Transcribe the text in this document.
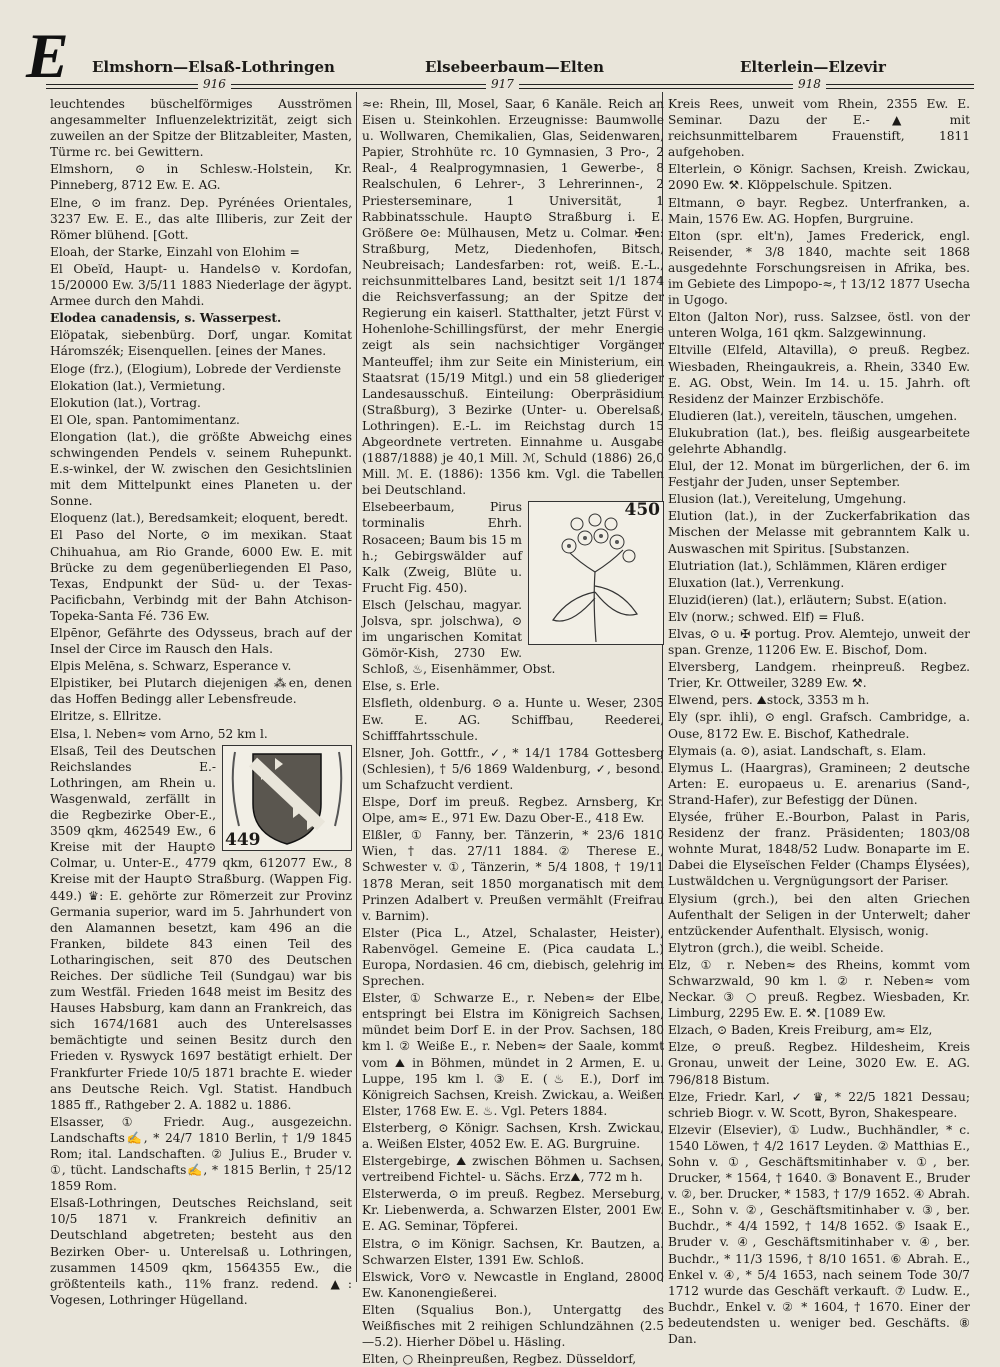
E Elmshorn—Elsaß-Lothringen	Elsebeerbaum—Elten	Elterlein—Elzevir
916	917	918

leuchtendes büschelförmiges Ausströmen angesammelter Influenzelektrizität, zeigt sich zuweilen an der Spitze der Blitzableiter, Masten, Türme rc. bei Gewittern.

Elmshorn, ⊙ in Schlesw.-Holstein, Kr. Pinneberg, 8712 Ew. E. AG.

Elne, ⊙ im franz. Dep. Pyrénées Orientales, 3237 Ew. E. E., das alte Illiberis, zur Zeit der Römer blühend. [Gott.

Eloah, der Starke, Einzahl von Elohim =

El Obeïd, Haupt- u. Handels⊙ v. Kordofan, 15/20000 Ew. 3/5/11 1883 Niederlage der ägypt. Armee durch den Mahdi.

Elodea canadensis, s. Wasserpest.

Elöpatak, siebenbürg. Dorf, ungar. Komitat Háromszék; Eisenquellen. [eines der Manes.

Eloge (frz.), (Elogium), Lobrede der Verdienste

Elokation (lat.), Vermietung.

Elokution (lat.), Vortrag.

El Ole, span. Pantomimentanz.

Elongation (lat.), die größte Abweichg eines schwingenden Pendels v. seinem Ruhepunkt. E.s-winkel, der W. zwischen den Gesichtslinien mit dem Mittelpunkt eines Planeten u. der Sonne.

Eloquenz (lat.), Beredsamkeit; eloquent, beredt.

El Paso del Norte, ⊙ im mexikan. Staat Chihuahua, am Rio Grande, 6000 Ew. E. mit Brücke zu dem gegenüberliegenden El Paso, Texas, Endpunkt der Süd- u. der Texas-Pacificbahn, Verbindg mit der Bahn Atchison-Topeka-Santa Fé. 736 Ew.

Elpēnor, Gefährte des Odysseus, brach auf der Insel der Circe im Rausch den Hals.

Elpis Melēna, s. Schwarz, Esperance v.

Elpistiker, bei Plutarch diejenigen ⁂en, denen das Hoffen Bedingg aller Lebensfreude.

Elritze, s. Ellritze.

Elsa, l. Neben≈ vom Arno, 52 km l.

449

Elsaß, Teil des Deutschen Reichslandes E.-Lothringen, am Rhein u. Wasgenwald, zerfällt in die Regbezirke Ober-E., 3509 qkm, 462549 Ew., 6 Kreise mit der Haupt⊙ Colmar, u. Unter-E., 4779 qkm, 612077 Ew., 8 Kreise mit der Haupt⊙ Straßburg. (Wappen Fig. 449.) ♛: E. gehörte zur Römerzeit zur Provinz Germania superior, ward im 5. Jahrhundert von den Alamannen besetzt, kam 496 an die Franken, bildete 843 einen Teil des Lotharingischen, seit 870 des Deutschen Reiches. Der südliche Teil (Sundgau) war bis zum Westfäl. Frieden 1648 meist im Besitz des Hauses Habsburg, kam dann an Frankreich, das sich 1674/1681 auch des Unterelsasses bemächtigte und seinen Besitz durch den Frieden v. Ryswyck 1697 bestätigt erhielt. Der Frankfurter Friede 10/5 1871 brachte E. wieder ans Deutsche Reich. Vgl. Statist. Handbuch 1885 ff., Rathgeber 2. A. 1882 u. 1886.

Elsasser, ① Friedr. Aug., ausgezeichn. Landschafts✍, * 24/7 1810 Berlin, † 1/9 1845 Rom; ital. Landschaften. ② Julius E., Bruder v. ①, tücht. Landschafts✍, * 1815 Berlin, † 25/12 1859 Rom.

Elsaß-Lothringen, Deutsches Reichsland, seit 10/5 1871 v. Frankreich definitiv an Deutschland abgetreten; besteht aus den Bezirken Ober- u. Unterelsaß u. Lothringen, zusammen 14509 qkm, 1564355 Ew., die größtenteils kath., 11% franz. redend. ▲: Vogesen, Lothringer Hügelland.

≈e: Rhein, Ill, Mosel, Saar, 6 Kanäle. Reich an Eisen u. Steinkohlen. Erzeugnisse: Baumwolle u. Wollwaren, Chemikalien, Glas, Seidenwaren, Papier, Strohhüte rc. 10 Gymnasien, 3 Pro-, 2 Real-, 4 Realprogymnasien, 1 Gewerbe-, 8 Realschulen, 6 Lehrer-, 3 Lehrerinnen-, 2 Priesterseminare, 1 Universität, 1 Rabbinatsschule. Haupt⊙ Straßburg i. E. Größere ⊙e: Mülhausen, Metz u. Colmar. ✠en: Straßburg, Metz, Diedenhofen, Bitsch, Neubreisach; Landesfarben: rot, weiß. E.-L., reichsunmittelbares Land, besitzt seit 1/1 1874 die Reichsverfassung; an der Spitze der Regierung ein kaiserl. Statthalter, jetzt Fürst v. Hohenlohe-Schillingsfürst, der mehr Energie zeigt als sein nachsichtiger Vorgänger Manteuffel; ihm zur Seite ein Ministerium, ein Staatsrat (15/19 Mitgl.) und ein 58 gliederiger Landesausschuß. Einteilung: Oberpräsidium (Straßburg), 3 Bezirke (Unter- u. Oberelsaß, Lothringen). E.-L. im Reichstag durch 15 Abgeordnete vertreten. Einnahme u. Ausgabe (1887/1888) je 40,1 Mill. ℳ, Schuld (1886) 26,0 Mill. ℳ. E. (1886): 1356 km. Vgl. die Tabellen bei Deutschland.

450

Elsebeerbaum, Pirus torminalis Ehrh. Rosaceen; Baum bis 15 m h.; Gebirgswälder auf Kalk (Zweig, Blüte u. Frucht Fig. 450).

Elsch (Jelschau, magyar. Jolsva, spr. jolschwa), ⊙ im ungarischen Komitat Gömör-Kish, 2730 Ew. Schloß, ♨, Eisenhämmer, Obst.

Else, s. Erle.

Elsfleth, oldenburg. ⊙ a. Hunte u. Weser, 2305 Ew. E. AG. Schiffbau, Reederei, Schifffahrtsschule.

Elsner, Joh. Gottfr., ✓, * 14/1 1784 Gottesberg (Schlesien), † 5/6 1869 Waldenburg, ✓, besond. um Schafzucht verdient.

Elspe, Dorf im preuß. Regbez. Arnsberg, Kr. Olpe, am≈ E., 971 Ew. Dazu Ober-E., 418 Ew.

Elßler, ① Fanny, ber. Tänzerin, * 23/6 1810 Wien, † das. 27/11 1884. ② Therese E., Schwester v. ①, Tänzerin, * 5/4 1808, † 19/11 1878 Meran, seit 1850 morganatisch mit dem Prinzen Adalbert v. Preußen vermählt (Freifrau v. Barnim).

Elster (Pica L., Atzel, Schalaster, Heister), Rabenvögel. Gemeine E. (Pica caudata L.) Europa, Nordasien. 46 cm, diebisch, gelehrig im Sprechen.

Elster, ① Schwarze E., r. Neben≈ der Elbe, entspringt bei Elstra im Königreich Sachsen, mündet beim Dorf E. in der Prov. Sachsen, 180 km l. ② Weiße E., r. Neben≈ der Saale, kommt vom ⛰ in Böhmen, mündet in 2 Armen, E. u. Luppe, 195 km l. ③ E. (♨ E.), Dorf im Königreich Sachsen, Kreish. Zwickau, a. Weißen Elster, 1768 Ew. E. ♨. Vgl. Peters 1884.

Elsterberg, ⊙ Königr. Sachsen, Krsh. Zwickau, a. Weißen Elster, 4052 Ew. E. AG. Burgruine.

Elstergebirge, ⛰ zwischen Böhmen u. Sachsen, vertreibend Fichtel- u. Sächs. Erz⛰, 772 m h.

Elsterwerda, ⊙ im preuß. Regbez. Merseburg, Kr. Liebenwerda, a. Schwarzen Elster, 2001 Ew. E. AG. Seminar, Töpferei.

Elstra, ⊙ im Königr. Sachsen, Kr. Bautzen, a. Schwarzen Elster, 1391 Ew. Schloß.

Elswick, Vor⊙ v. Newcastle in England, 28000 Ew. Kanonengießerei.

Elten (Squalius Bon.), Untergattg des Weißfisches mit 2 reihigen Schlundzähnen (2.5—5.2). Hierher Döbel u. Häsling.

Elten, ○ Rheinpreußen, Regbez. Düsseldorf,

Kreis Rees, unweit vom Rhein, 2355 Ew. E. Seminar. Dazu der E.-▲ mit reichsunmittelbarem Frauenstift, 1811 aufgehoben.

Elterlein, ⊙ Königr. Sachsen, Kreish. Zwickau, 2090 Ew. ⚒. Klöppelschule. Spitzen.

Eltmann, ⊙ bayr. Regbez. Unterfranken, a. Main, 1576 Ew. AG. Hopfen, Burgruine.

Elton (spr. elt'n), James Frederick, engl. Reisender, * 3/8 1840, machte seit 1868 ausgedehnte Forschungsreisen in Afrika, bes. im Gebiete des Limpopo-≈, † 13/12 1877 Usecha in Ugogo.

Elton (Jalton Nor), russ. Salzsee, östl. von der unteren Wolga, 161 qkm. Salzgewinnung.

Eltville (Elfeld, Altavilla), ⊙ preuß. Regbez. Wiesbaden, Rheingaukreis, a. Rhein, 3340 Ew. E. AG. Obst, Wein. Im 14. u. 15. Jahrh. oft Residenz der Mainzer Erzbischöfe.

Eludieren (lat.), vereiteln, täuschen, umgehen.

Elukubration (lat.), bes. fleißig ausgearbeitete gelehrte Abhandlg.

Elul, der 12. Monat im bürgerlichen, der 6. im Festjahr der Juden, unser September.

Elusion (lat.), Vereitelung, Umgehung.

Elution (lat.), in der Zuckerfabrikation das Mischen der Melasse mit gebranntem Kalk u. Auswaschen mit Spiritus. [Substanzen.

Elutriation (lat.), Schlämmen, Klären erdiger

Eluxation (lat.), Verrenkung.

Eluzid(ieren) (lat.), erläutern; Subst. E(ation.

Elv (norw.; schwed. Elf) = Fluß.

Elvas, ⊙ u. ✠ portug. Prov. Alemtejo, unweit der span. Grenze, 11206 Ew. E. Bischof, Dom.

Elversberg, Landgem. rheinpreuß. Regbez. Trier, Kr. Ottweiler, 3289 Ew. ⚒.

Elwend, pers. ⛰stock, 3353 m h.

Ely (spr. ihli), ⊙ engl. Grafsch. Cambridge, a. Ouse, 8172 Ew. E. Bischof, Kathedrale.

Elymais (a. ⊙), asiat. Landschaft, s. Elam.

Elymus L. (Haargras), Gramineen; 2 deutsche Arten: E. europaeus u. E. arenarius (Sand-, Strand-Hafer), zur Befestigg der Dünen.

Elysée, früher E.-Bourbon, Palast in Paris, Residenz der franz. Präsidenten; 1803/08 wohnte Murat, 1848/52 Ludw. Bonaparte im E. Dabei die Elyseïschen Felder (Champs Élysées), Lustwäldchen u. Vergnügungsort der Pariser.

Elysium (grch.), bei den alten Griechen Aufenthalt der Seligen in der Unterwelt; daher entzückender Aufenthalt. Elysisch, wonig.

Elytron (grch.), die weibl. Scheide.

Elz, ① r. Neben≈ des Rheins, kommt vom Schwarzwald, 90 km l. ② r. Neben≈ vom Neckar. ③ ○ preuß. Regbez. Wiesbaden, Kr. Limburg, 2295 Ew. E. ⚒. [1089 Ew.

Elzach, ⊙ Baden, Kreis Freiburg, am≈ Elz,

Elze, ⊙ preuß. Regbez. Hildesheim, Kreis Gronau, unweit der Leine, 3020 Ew. E. AG. 796/818 Bistum.

Elze, Friedr. Karl, ✓ ♛, * 22/5 1821 Dessau; schrieb Biogr. v. W. Scott, Byron, Shakespeare.

Elzevir (Elsevier), ① Ludw., Buchhändler, * c. 1540 Löwen, † 4/2 1617 Leyden. ② Matthias E., Sohn v. ①, Geschäftsmitinhaber v. ①, ber. Drucker, * 1564, † 1640. ③ Bonavent E., Bruder v. ②, ber. Drucker, * 1583, † 17/9 1652. ④ Abrah. E., Sohn v. ②, Geschäftsmitinhaber v. ③, ber. Buchdr., * 4/4 1592, † 14/8 1652. ⑤ Isaak E., Bruder v. ④, Geschäftsmitinhaber v. ④, ber. Buchdr., * 11/3 1596, † 8/10 1651. ⑥ Abrah. E., Enkel v. ④, * 5/4 1653, nach seinem Tode 30/7 1712 wurde das Geschäft verkauft. ⑦ Ludw. E., Buchdr., Enkel v. ② * 1604, † 1670. Einer der bedeutendsten u. weniger bed. Geschäfts. ⑧ Dan.
